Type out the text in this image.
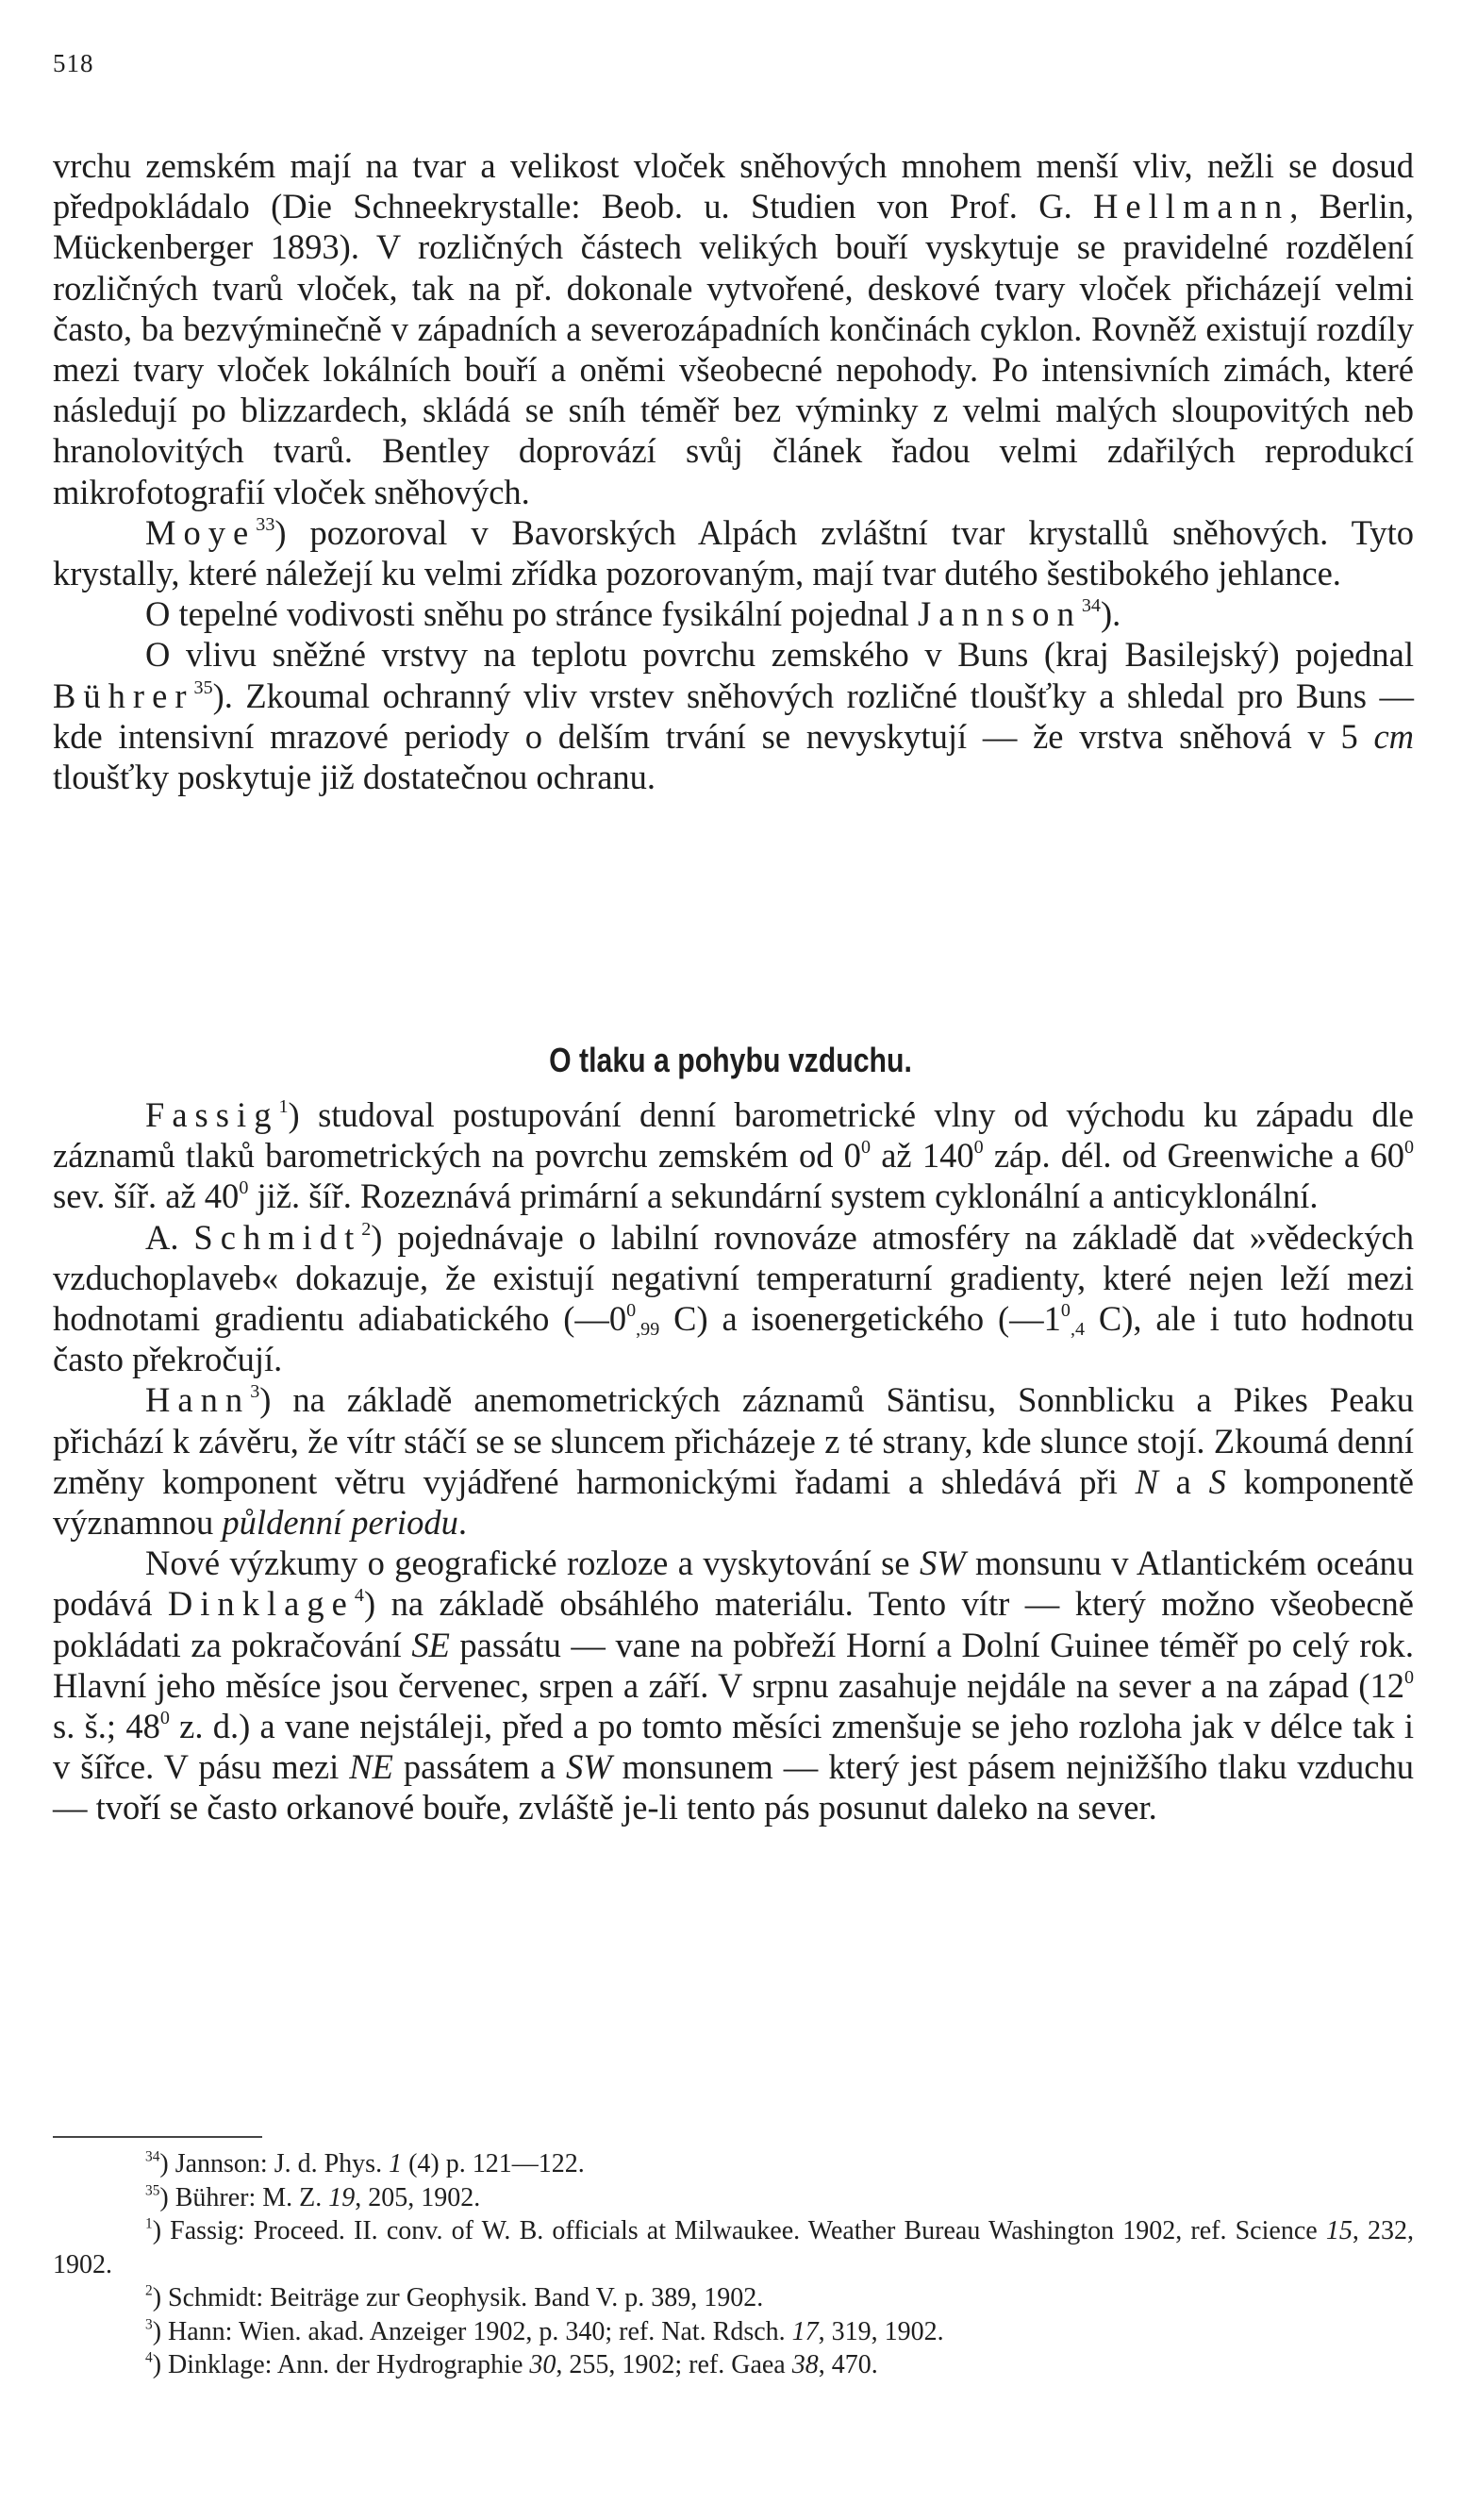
518

vrchu zemském mají na tvar a velikost vloček sněhových mnohem menší vliv, nežli se dosud předpokládalo (Die Schneekrystalle: Beob. u. Studien von Prof. G. Hellmann, Berlin, Mückenberger 1893). V rozličných částech velikých bouří vyskytuje se pravidelné rozdělení rozličných tvarů vloček, tak na př. dokonale vytvořené, deskové tvary vloček přicházejí velmi často, ba bezvýminečně v západních a severozápadních končinách cyklon. Rovněž existují rozdíly mezi tvary vloček lokálních bouří a oněmi všeobecné nepohody. Po intensivních zimách, které následují po blizzardech, skládá se sníh téměř bez výminky z velmi malých sloupovitých neb hranolovitých tvarů. Bentley doprovází svůj článek řadou velmi zdařilých reprodukcí mikrofotografií vloček sněhových.

Moye$^{33}$) pozoroval v Bavorských Alpách zvláštní tvar krystallů sněhových. Tyto krystally, které náležejí ku velmi zřídka pozorovaným, mají tvar dutého šestibokého jehlance.

O tepelné vodivosti sněhu po stránce fysikální pojednal Jannson$^{34}$).

O vlivu sněžné vrstvy na teplotu povrchu zemského v Buns (kraj Basilejský) pojednal Bührer$^{35}$). Zkoumal ochranný vliv vrstev sněhových rozličné tloušťky a shledal pro Buns — kde intensivní mrazové periody o delším trvání se nevyskytují — že vrstva sněhová v 5 cm tloušťky poskytuje již dostatečnou ochranu.

O tlaku a pohybu vzduchu.

Fassig$^1$) studoval postupování denní barometrické vlny od východu ku západu dle záznamů tlaků barometrických na povrchu zemském od $0^0$ až $140^0$ záp. dél. od Greenwiche a $60^0$ sev. šíř. až $40^0$ již. šíř. Rozeznává primární a sekundární system cyklonální a anticyklonální.

A. Schmidt$^2$) pojednávaje o labilní rovnováze atmosféry na základě dat »vědeckých vzduchoplaveb« dokazuje, že existují negativní temperaturní gradienty, které nejen leží mezi hodnotami gradientu adiabatického ($—0^0_{,99}$ C) a isoenergetického ($—1^0_{,4}$ C), ale i tuto hodnotu často překročují.

Hann$^3$) na základě anemometrických záznamů Säntisu, Sonnblicku a Pikes Peaku přichází k závěru, že vítr stáčí se se sluncem přicházeje z té strany, kde slunce stojí. Zkoumá denní změny komponent větru vyjádřené harmonickými řadami a shledává při N a S komponentě významnou půldenní periodu.

Nové výzkumy o geografické rozloze a vyskytování se SW monsunu v Atlantickém oceánu podává Dinklage$^4$) na základě obsáhlého materiálu. Tento vítr — který možno všeobecně pokládati za pokračování SE passátu — vane na pobřeží Horní a Dolní Guinee téměř po celý rok. Hlavní jeho měsíce jsou červenec, srpen a září. V srpnu zasahuje nejdále na sever a na západ ($12^0$ s. š.; $48^0$ z. d.) a vane nejstáleji, před a po tomto měsíci zmenšuje se jeho rozloha jak v délce tak i v šířce. V pásu mezi NE passátem a SW monsunem — který jest pásem nejnižšího tlaku vzduchu — tvoří se často orkanové bouře, zvláště je-li tento pás posunut daleko na sever.

$^{34}$) Jannson: J. d. Phys. 1 (4) p. 121—122.

$^{35}$) Bührer: M. Z. 19, 205, 1902.

$^1$) Fassig: Proceed. II. conv. of W. B. officials at Milwaukee. Weather Bureau Washington 1902, ref. Science 15, 232, 1902.

$^2$) Schmidt: Beiträge zur Geophysik. Band V. p. 389, 1902.

$^3$) Hann: Wien. akad. Anzeiger 1902, p. 340; ref. Nat. Rdsch. 17, 319, 1902.

$^4$) Dinklage: Ann. der Hydrographie 30, 255, 1902; ref. Gaea 38, 470.
